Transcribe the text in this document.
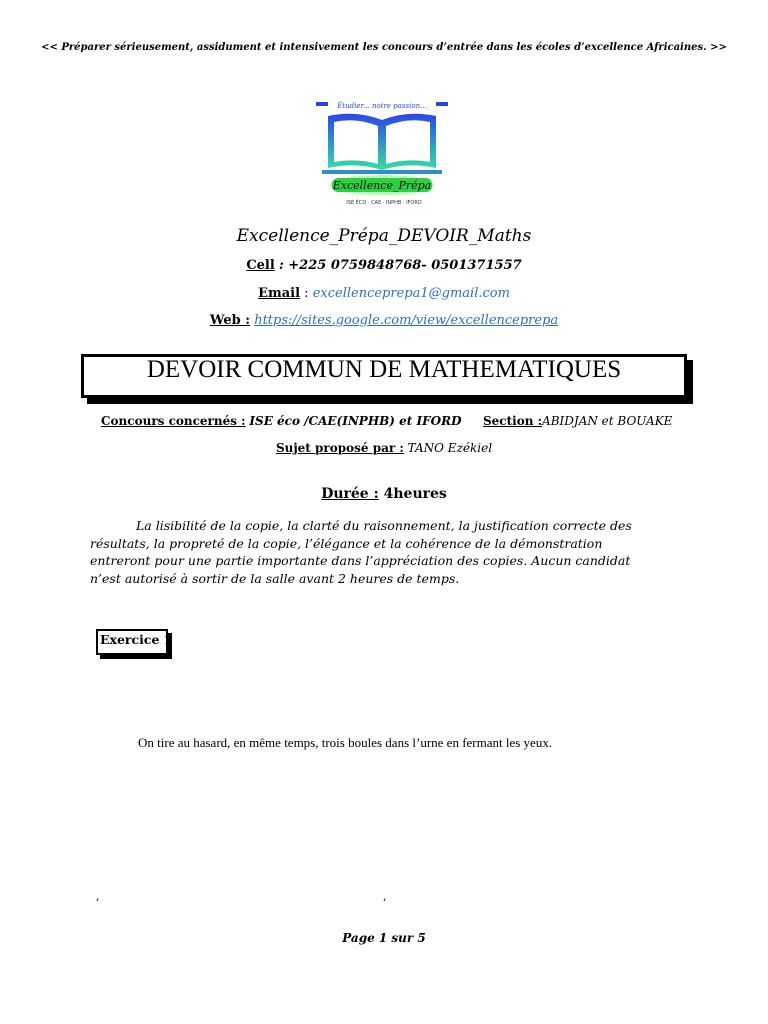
<< Préparer sérieusement, assidument et intensivement les concours d’entrée dans les écoles d’excellence Africaines. >>
Étudier... notre passion...
Excellence_Prépa
ISE ÉCO · CAE · INPHB · IFORD
Excellence_Prépa_DEVOIR_Maths
Cell : +225 0759848768- 0501371557
Email : excellenceprepa1@gmail.com
Web : https://sites.google.com/view/excellenceprepa
DEVOIR COMMUN DE MATHEMATIQUES
Concours concernés : ISE éco /CAE(INPHB) et IFORD Section :ABIDJAN et BOUAKE
Sujet proposé par : TANO Ezékiel
Durée : 4heures
La lisibilité de la copie, la clarté du raisonnement, la justification correcte des résultats, la propreté de la copie, l’élégance et la cohérence de la démonstration entreront pour une partie importante dans l’appréciation des copies. Aucun candidat n’est autorisé à sortir de la salle avant 2 heures de temps.
Exercice 1
On tire au hasard, en même temps, trois boules dans l’urne en fermant les yeux.
,	,
Page 1 sur 5
